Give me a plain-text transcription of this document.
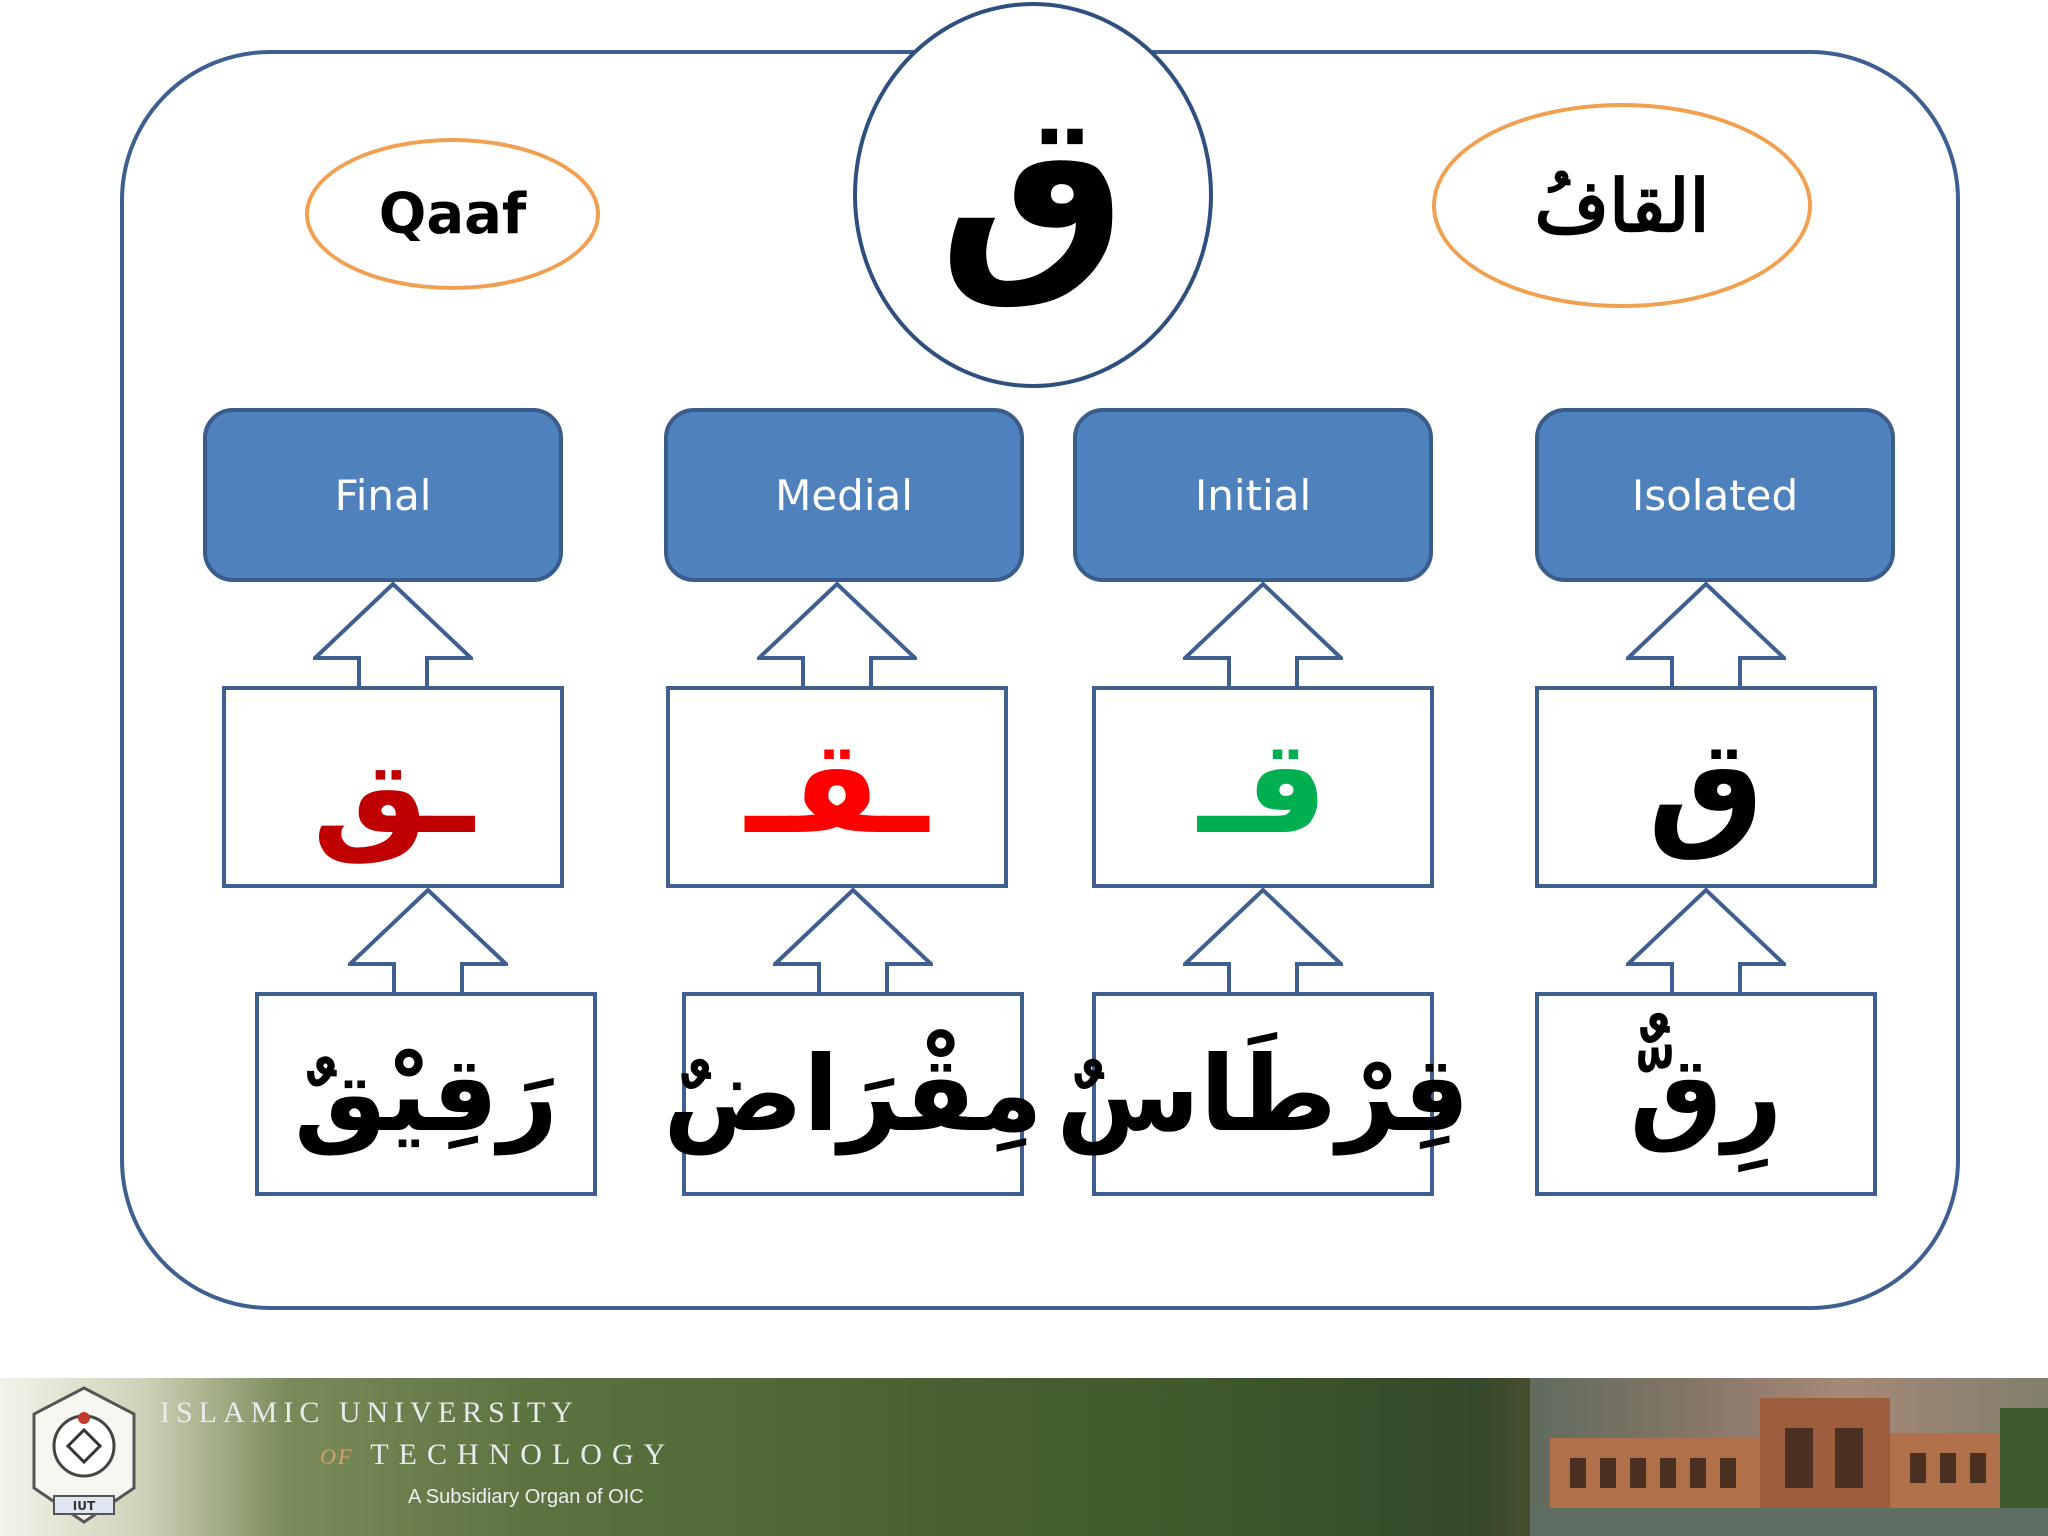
ق
Qaaf	القافُ
Final	Medial	Initial	Isolated
ـق ـقـ قـ ق
رَقِيْقٌ مِقْرَاضٌ قِرْطَاسٌ رِقٌّ
IUT
ISLAMIC UNIVERSITY
OF TECHNOLOGY
A Subsidiary Organ of OIC
